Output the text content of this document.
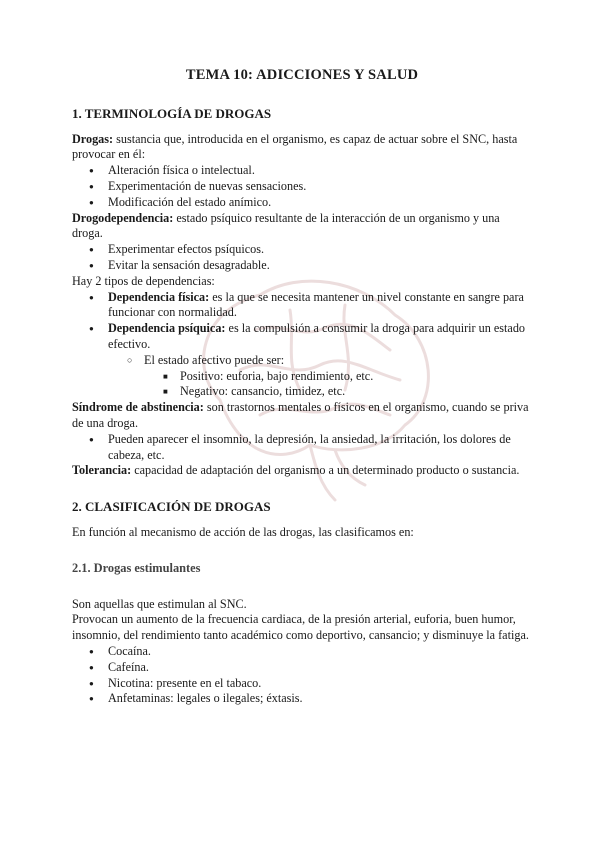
TEMA 10: ADICCIONES Y SALUD
1. TERMINOLOGÍA DE DROGAS

Drogas: sustancia que, introducida en el organismo, es capaz de actuar sobre el SNC, hasta provocar en él:

● Alteración física o intelectual.
● Experimentación de nuevas sensaciones.
● Modificación del estado anímico.

Drogodependencia: estado psíquico resultante de la interacción de un organismo y una droga.

● Experimentar efectos psíquicos.
● Evitar la sensación desagradable.

Hay 2 tipos de dependencias:

● Dependencia física: es la que se necesita mantener un nivel constante en sangre para funcionar con normalidad.
● Dependencia psíquica: es la compulsión a consumir la droga para adquirir un estado efectivo.
○ El estado afectivo puede ser:
■ Positivo: euforia, bajo rendimiento, etc.
■ Negativo: cansancio, timidez, etc.

Síndrome de abstinencia: son trastornos mentales o físicos en el organismo, cuando se priva de una droga.

● Pueden aparecer el insomnio, la depresión, la ansiedad, la irritación, los dolores de cabeza, etc.

Tolerancia: capacidad de adaptación del organismo a un determinado producto o sustancia.

2. CLASIFICACIÓN DE DROGAS

En función al mecanismo de acción de las drogas, las clasificamos en:

2.1. Drogas estimulantes

Son aquellas que estimulan al SNC.

Provocan un aumento de la frecuencia cardiaca, de la presión arterial, euforia, buen humor, insomnio, del rendimiento tanto académico como deportivo, cansancio; y disminuye la fatiga.

● Cocaína.
● Cafeína.
● Nicotina: presente en el tabaco.
● Anfetaminas: legales o ilegales; éxtasis.
